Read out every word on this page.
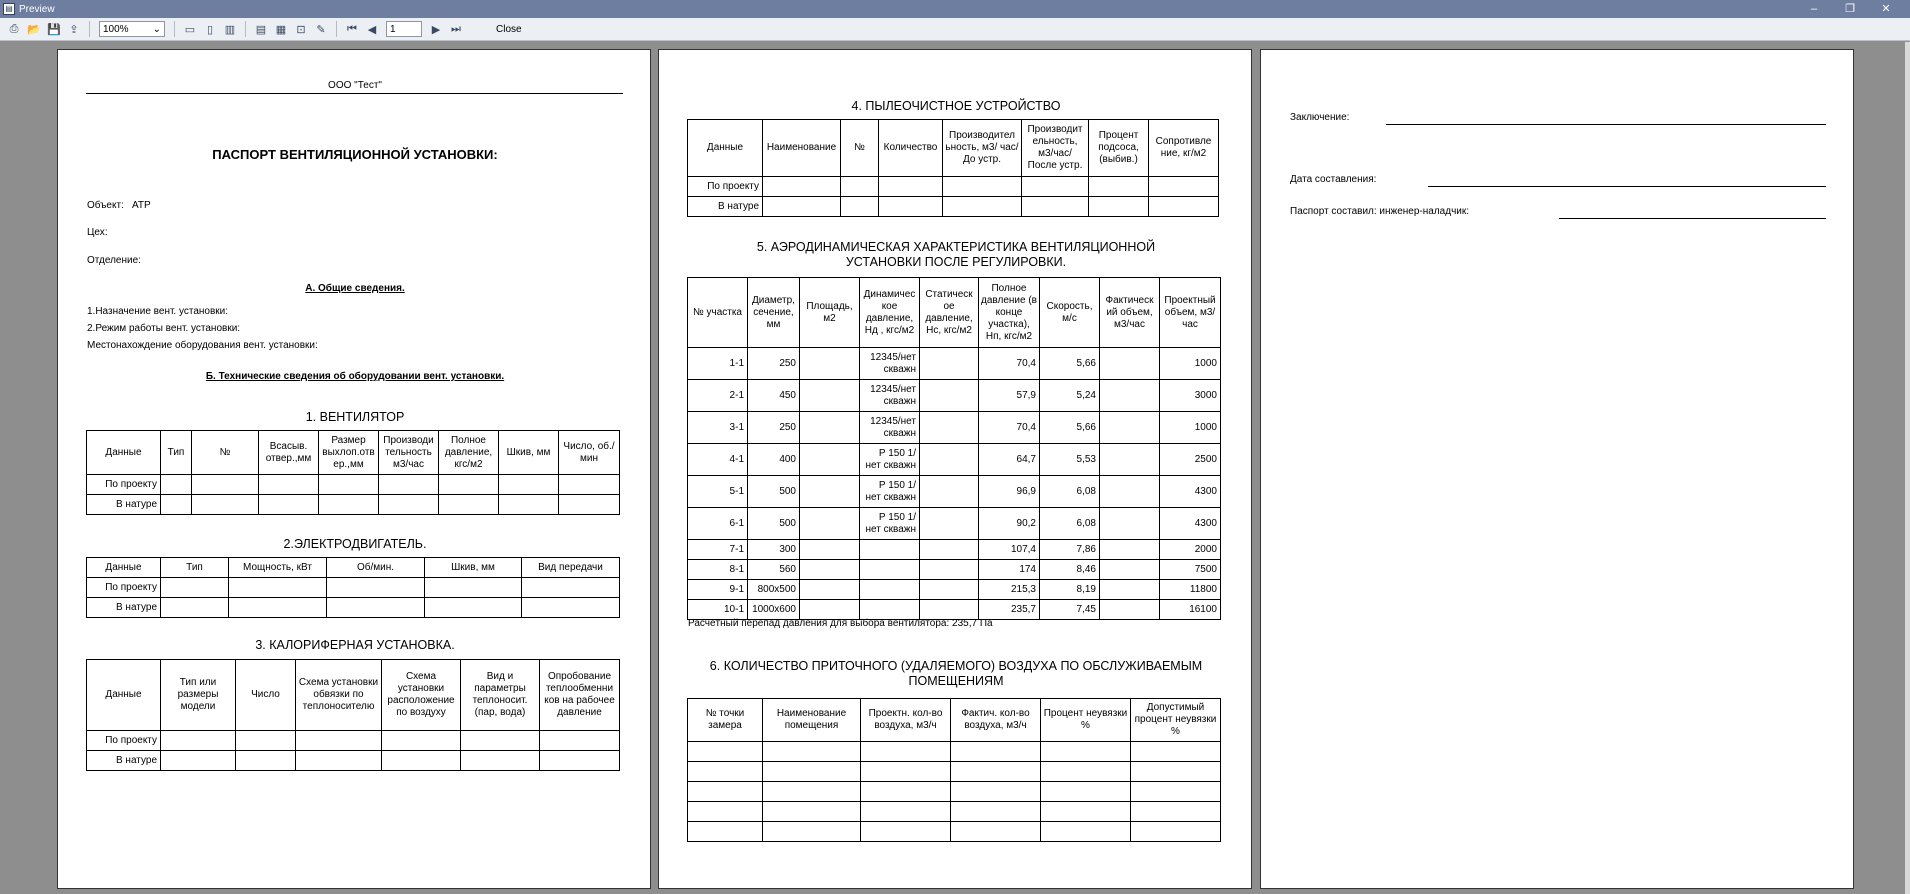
▤ Preview	–	❐	✕
⎙ 📂 💾 ⇪	100% ⌄ ▭	▯	▥ ▤ ▦ ⊡ ✎	⏮ ◀
1	▶ ⏭	Close
ООО "Тест"
ПАСПОРТ ВЕНТИЛЯЦИОННОЙ УСТАНОВКИ:
Объект: АТР
Цех:
Отделение:
А. Общие сведения.
1.Назначение вент. установки:
2.Режим работы вент. установки:
Местонахождение оборудования вент. установки:
Б. Технические сведения об оборудовании вент. установки.
1. ВЕНТИЛЯТОР
Данные	Тип	№	Всасыв. отвер.,мм	Размер выхлоп.отв ер.,мм	Производи тельность м3/час	Полное давление, кгс/м2	Шкив, мм	Число, об./ мин
По проекту								
В натуре								
2.ЭЛЕКТРОДВИГАТЕЛЬ.
Данные	Тип	Мощность, кВт	Об/мин.	Шкив, мм	Вид передачи
По проекту					
В натуре					
3. КАЛОРИФЕРНАЯ УСТАНОВКА.
Данные	Тип или размеры модели	Число	Схема установки обвязки по теплоносителю	Схема установки расположение по воздуху	Вид и параметры теплоносит. (пар, вода)	Опробование теплообменни ков на рабочее давление
По проекту						
В натуре						
4. ПЫЛЕОЧИСТНОЕ УСТРОЙСТВО
Данные	Наименование	№	Количество	Производител ьность, м3/ час/До устр.	Производит ельность, м3/час/ После устр.	Процент подсоса, (выбив.)	Сопротивле ние, кг/м2
По проекту							
В натуре							
5. АЭРОДИНАМИЧЕСКАЯ ХАРАКТЕРИСТИКА ВЕНТИЛЯЦИОННОЙ
УСТАНОВКИ ПОСЛЕ РЕГУЛИРОВКИ.
№ участка	Диаметр, сечение, мм	Площадь, м2	Динамичес кое давление, Нд , кгс/м2	Статическ ое давление, Нс, кгс/м2	Полное давление (в конце участка), Нп, кгс/м2	Скорость, м/с	Фактическ ий объем, м3/час	Проектный объем, м3/ час
1-1	250		12345/нет скважн		70,4	5,66		1000
2-1	450		12345/нет скважн		57,9	5,24		3000
3-1	250		12345/нет скважн		70,4	5,66		1000
4-1	400		P 150 1/ нет скважн		64,7	5,53		2500
5-1	500		P 150 1/ нет скважн		96,9	6,08		4300
6-1	500		P 150 1/ нет скважн		90,2	6,08		4300
7-1	300				107,4	7,86		2000
8-1	560				174	8,46		7500
9-1	800х500				215,3	8,19		11800
10-1	1000х600				235,7	7,45		16100
Расчётный перепад давления для выбора вентилятора: 235,7 Па
6. КОЛИЧЕСТВО ПРИТОЧНОГО (УДАЛЯЕМОГО) ВОЗДУХА ПО ОБСЛУЖИВАЕМЫМ
ПОМЕЩЕНИЯМ
№ точки замера	Наименование помещения	Проектн. кол-во воздуха, м3/ч	Фактич. кол-во воздуха, м3/ч	Процент неувязки %	Допустимый процент неувязки %

Заключение:
Дата составления:
Паспорт составил: инженер-наладчик:
